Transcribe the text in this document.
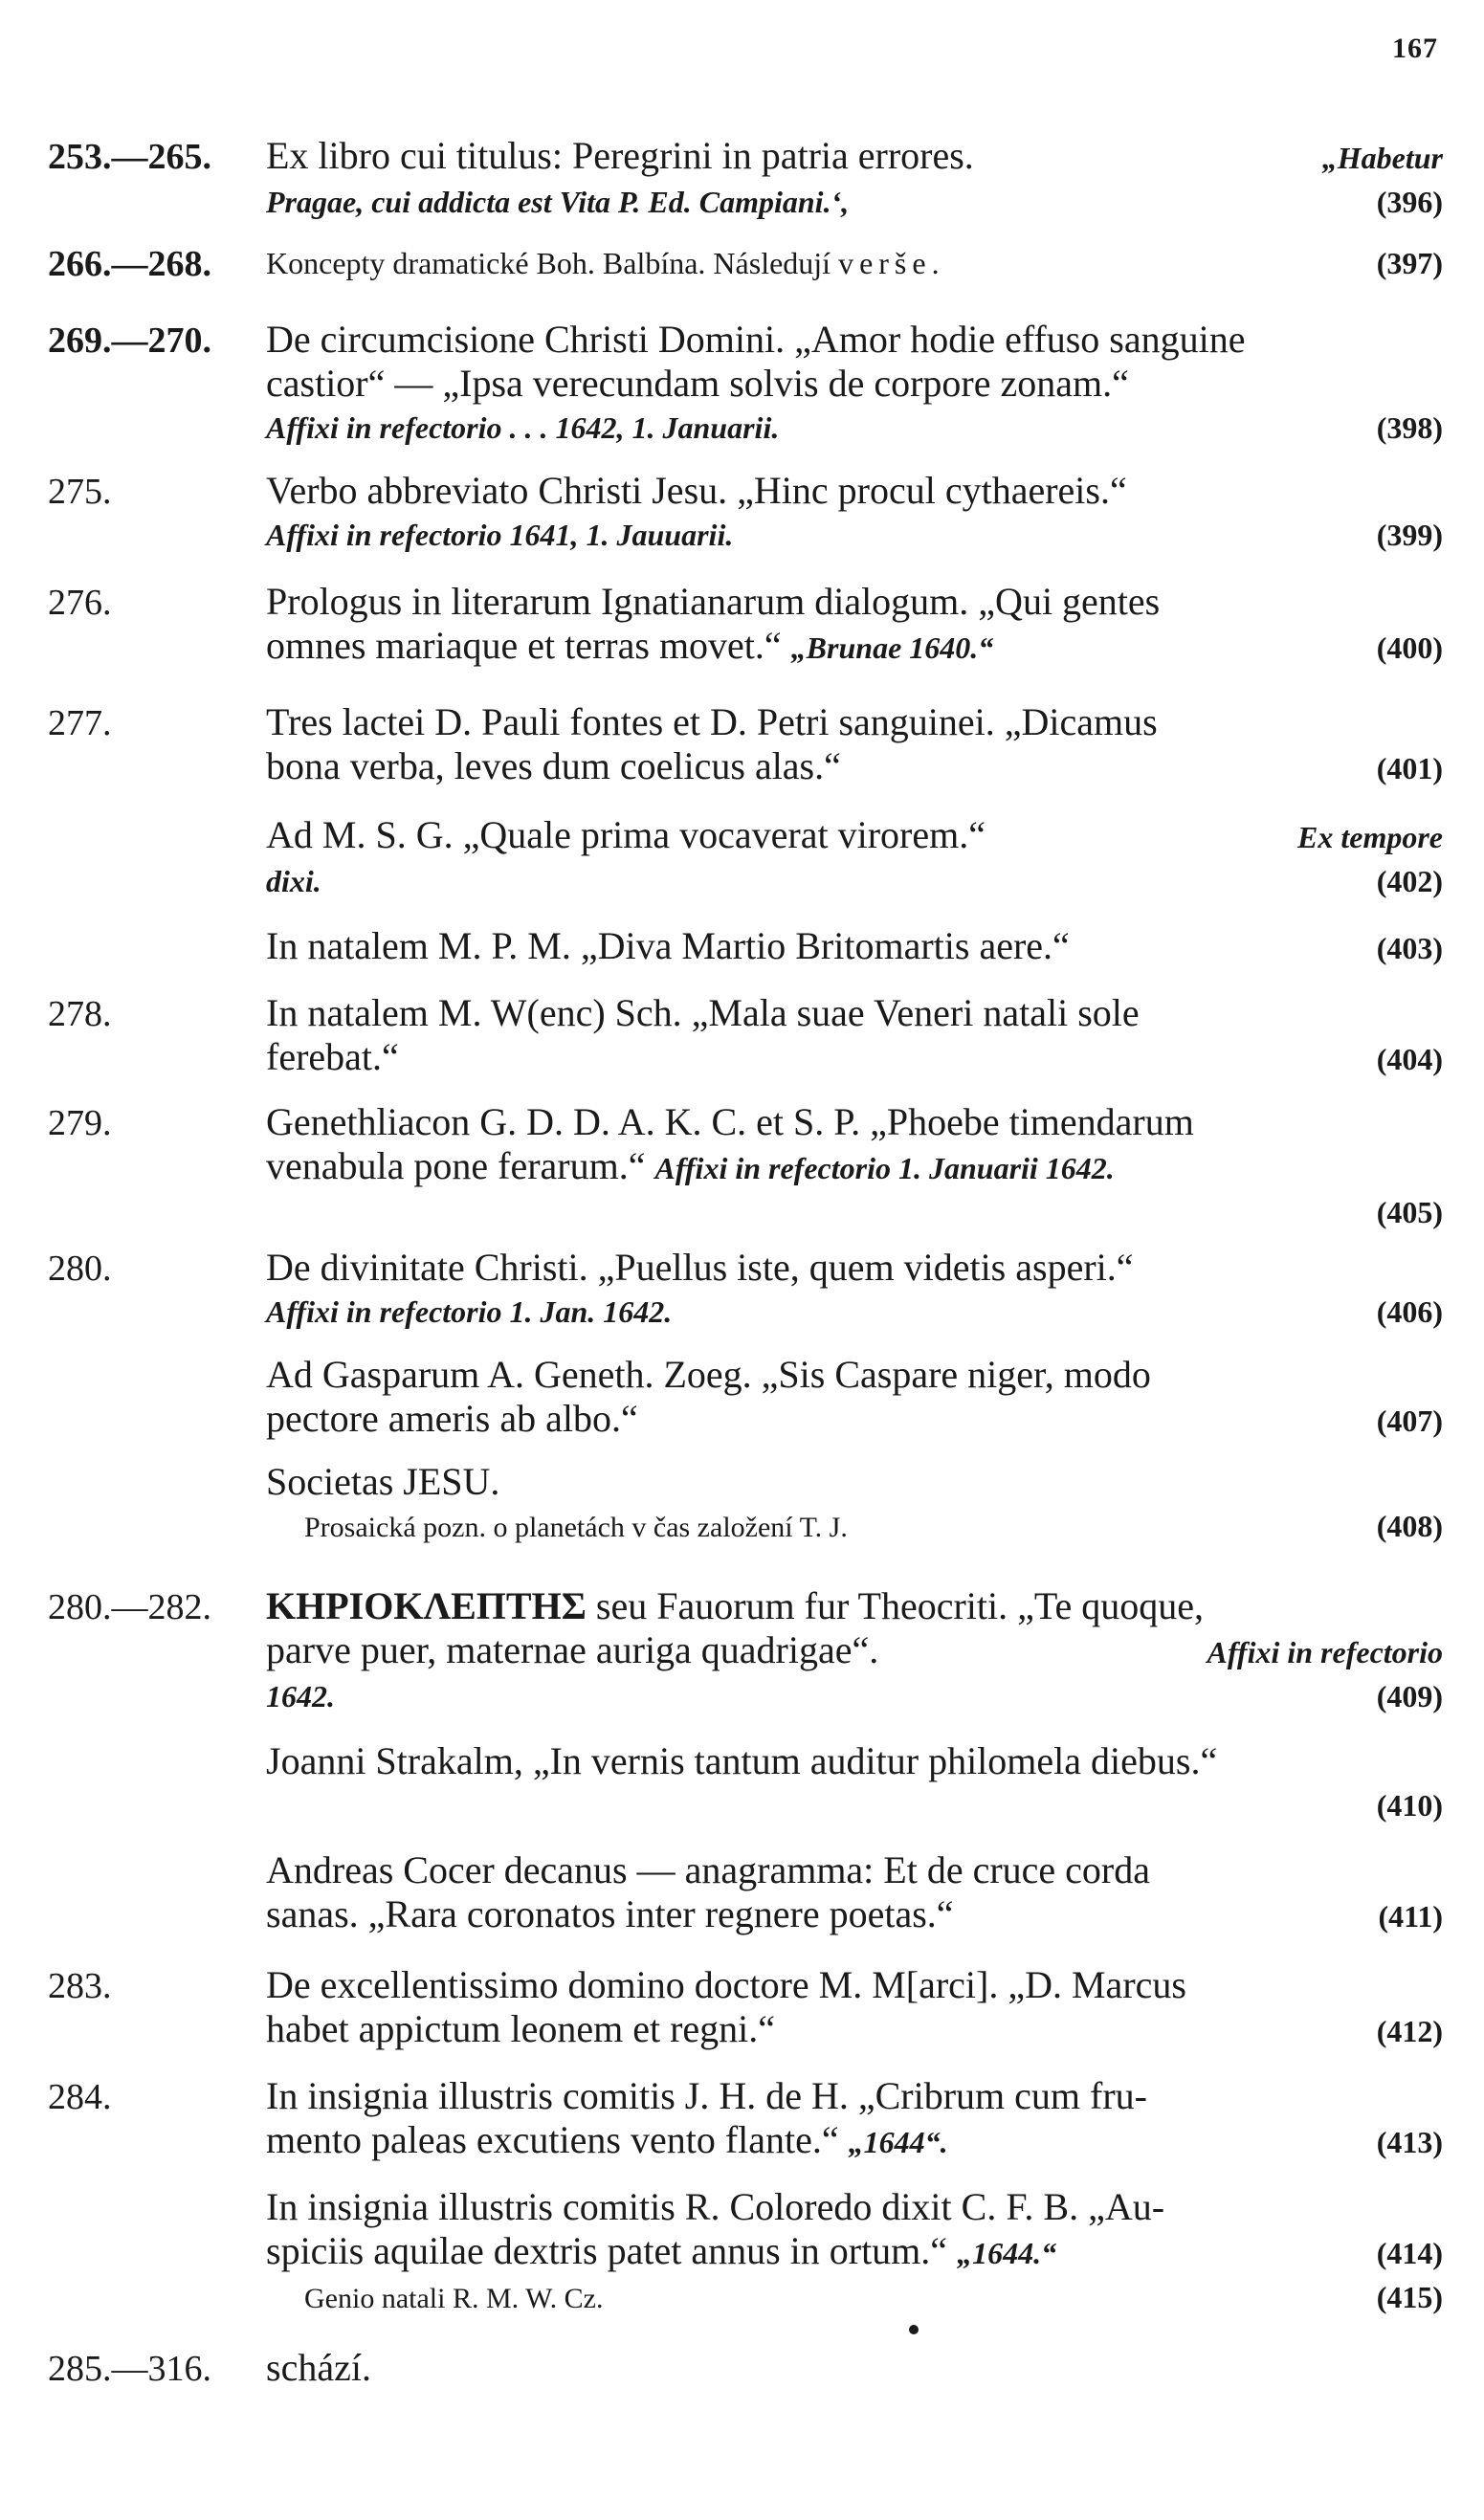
167
253.—265. Ex libro cui titulus: Peregrini in patria errores.	„Habetur
Pragae, cui addicta est Vita P. Ed. Campiani.‘,	(396)
266.—268. Koncepty dramatické Boh. Balbína. Následují verše.	(397)
269.—270. De circumcisione Christi Domini. „Amor hodie effuso sanguine
castior“ — „Ipsa verecundam solvis de corpore zonam.“
Affixi in refectorio . . . 1642, 1. Januarii.	(398)
275.	Verbo abbreviato Christi Jesu. „Hinc procul cythaereis.“
Affixi in refectorio 1641, 1. Jauuarii.	(399)
276.	Prologus in literarum Ignatianarum dialogum. „Qui gentes
omnes mariaque et terras movet.“ „Brunae 1640.“	(400)
277.	Tres lactei D. Pauli fontes et D. Petri sanguinei. „Dicamus
bona verba, leves dum coelicus alas.“	(401)
Ad M. S. G. „Quale prima vocaverat virorem.“	Ex tempore
dixi.	(402)
In natalem M. P. M. „Diva Martio Britomartis aere.“	(403)
278.	In natalem M. W(enc) Sch. „Mala suae Veneri natali sole
ferebat.“	(404)
279.	Genethliacon G. D. D. A. K. C. et S. P. „Phoebe timendarum
venabula pone ferarum.“ Affixi in refectorio 1. Januarii 1642.
(405)
280.	De divinitate Christi. „Puellus iste, quem videtis asperi.“
Affixi in refectorio 1. Jan. 1642.	(406)
Ad Gasparum A. Geneth. Zoeg. „Sis Caspare niger, modo
pectore ameris ab albo.“	(407)
Societas JESU.
Prosaická pozn. o planetách v čas založení T. J.	(408)
280.—282. ΚΗΡΙΟΚΛΕΠΤΗΣ seu Fauorum fur Theocriti. „Te quoque,
parve puer, maternae auriga quadrigae“.	Affixi in refectorio
1642.	(409)
Joanni Strakalm, „In vernis tantum auditur philomela diebus.“
(410)
Andreas Cocer decanus — anagramma: Et de cruce corda
sanas. „Rara coronatos inter regnere poetas.“	(411)
283.	De excellentissimo domino doctore M. M[arci]. „D. Marcus
habet appictum leonem et regni.“	(412)
284.	In insignia illustris comitis J. H. de H. „Cribrum cum fru-
mento paleas excutiens vento flante.“ „1644“.	(413)
In insignia illustris comitis R. Coloredo dixit C. F. B. „Au-
spiciis aquilae dextris patet annus in ortum.“ „1644.“	(414)
Genio natali R. M. W. Cz.	(415)
285.—316. schází.
